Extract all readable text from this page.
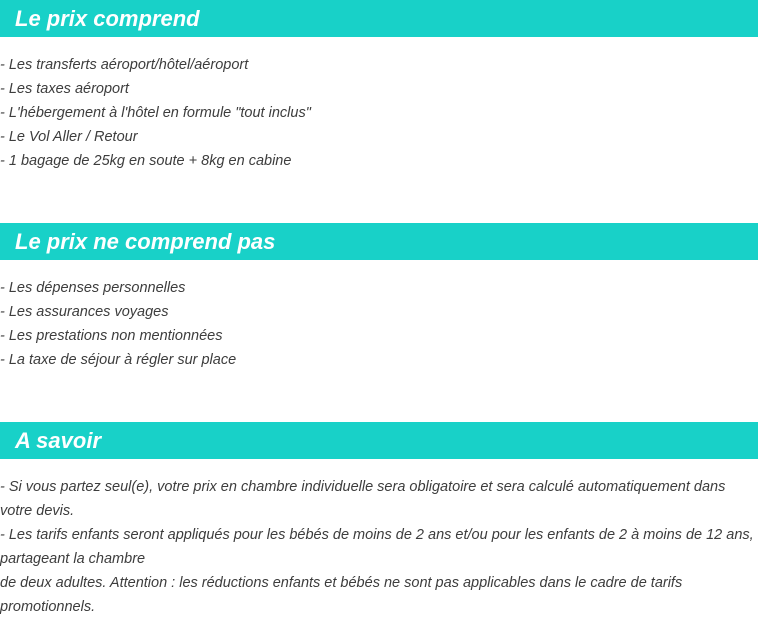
Le prix comprend
- Les transferts aéroport/hôtel/aéroport
- Les taxes aéroport
- L'hébergement à l'hôtel en formule "tout inclus"
- Le Vol Aller / Retour
- 1 bagage de 25kg en soute + 8kg en cabine
Le prix ne comprend pas
- Les dépenses personnelles
- Les assurances voyages
- Les prestations non mentionnées
- La taxe de séjour à régler sur place
A savoir
- Si vous partez seul(e), votre prix en chambre individuelle sera obligatoire et sera calculé automatiquement dans votre devis.
- Les tarifs enfants seront appliqués pour les bébés de moins de 2 ans et/ou pour les enfants de 2 à moins de 12 ans, partageant la chambre
de deux adultes. Attention : les réductions enfants et bébés ne sont pas applicables dans le cadre de tarifs promotionnels.
